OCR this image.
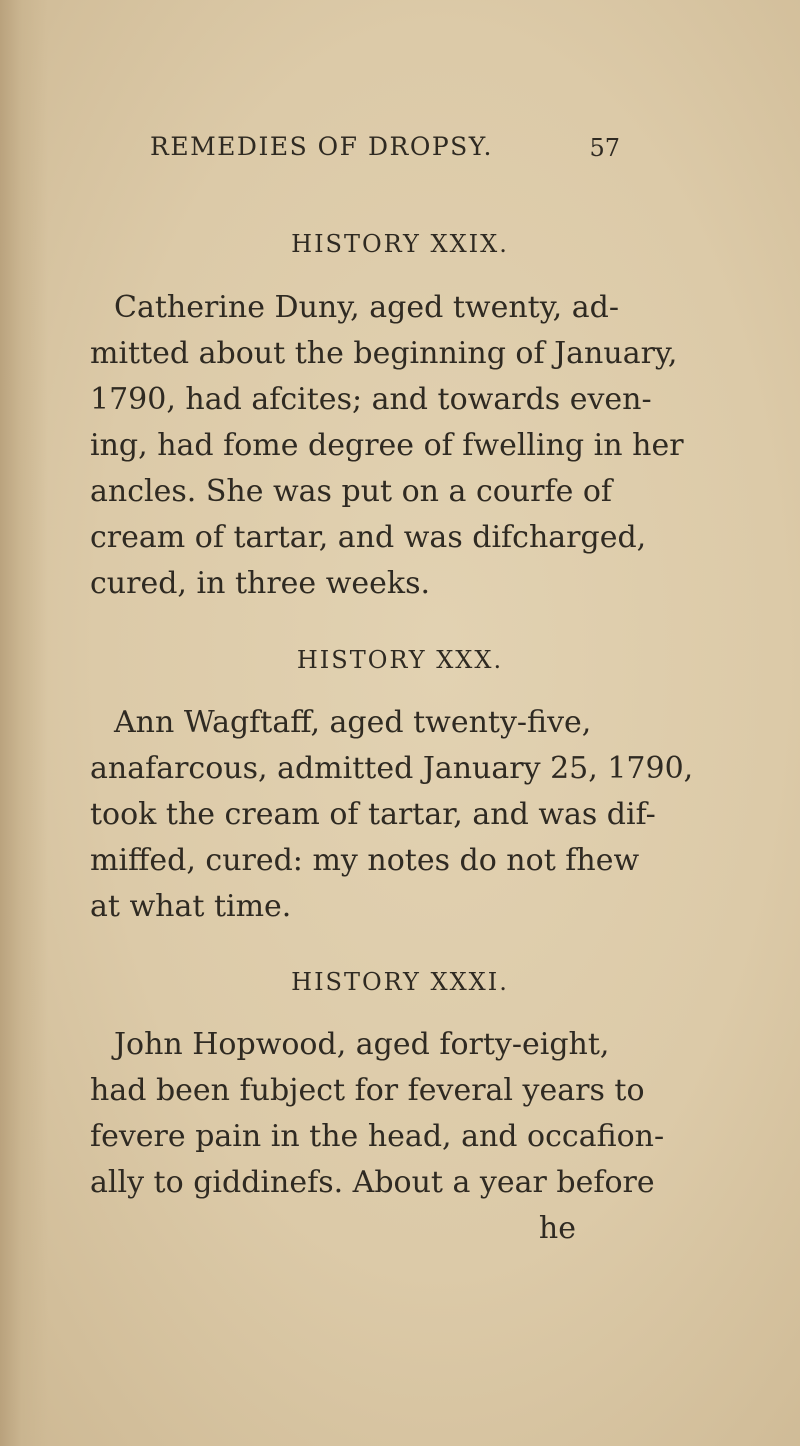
REMEDIES OF DROPSY.	57
HISTORY XXIX.
Catherine Duny, aged twenty, ad-
mitted about the beginning of January,
1790, had afcites; and towards even-
ing, had fome degree of fwelling in her
ancles. She was put on a courfe of
cream of tartar, and was difcharged,
cured, in three weeks.
HISTORY XXX.
Ann Wagftaff, aged twenty-five,
anafarcous, admitted January 25, 1790,
took the cream of tartar, and was dif-
miffed, cured: my notes do not fhew
at what time.
HISTORY XXXI.
John Hopwood, aged forty-eight,
had been fubject for feveral years to
fevere pain in the head, and occafion-
ally to giddinefs. About a year before
he
